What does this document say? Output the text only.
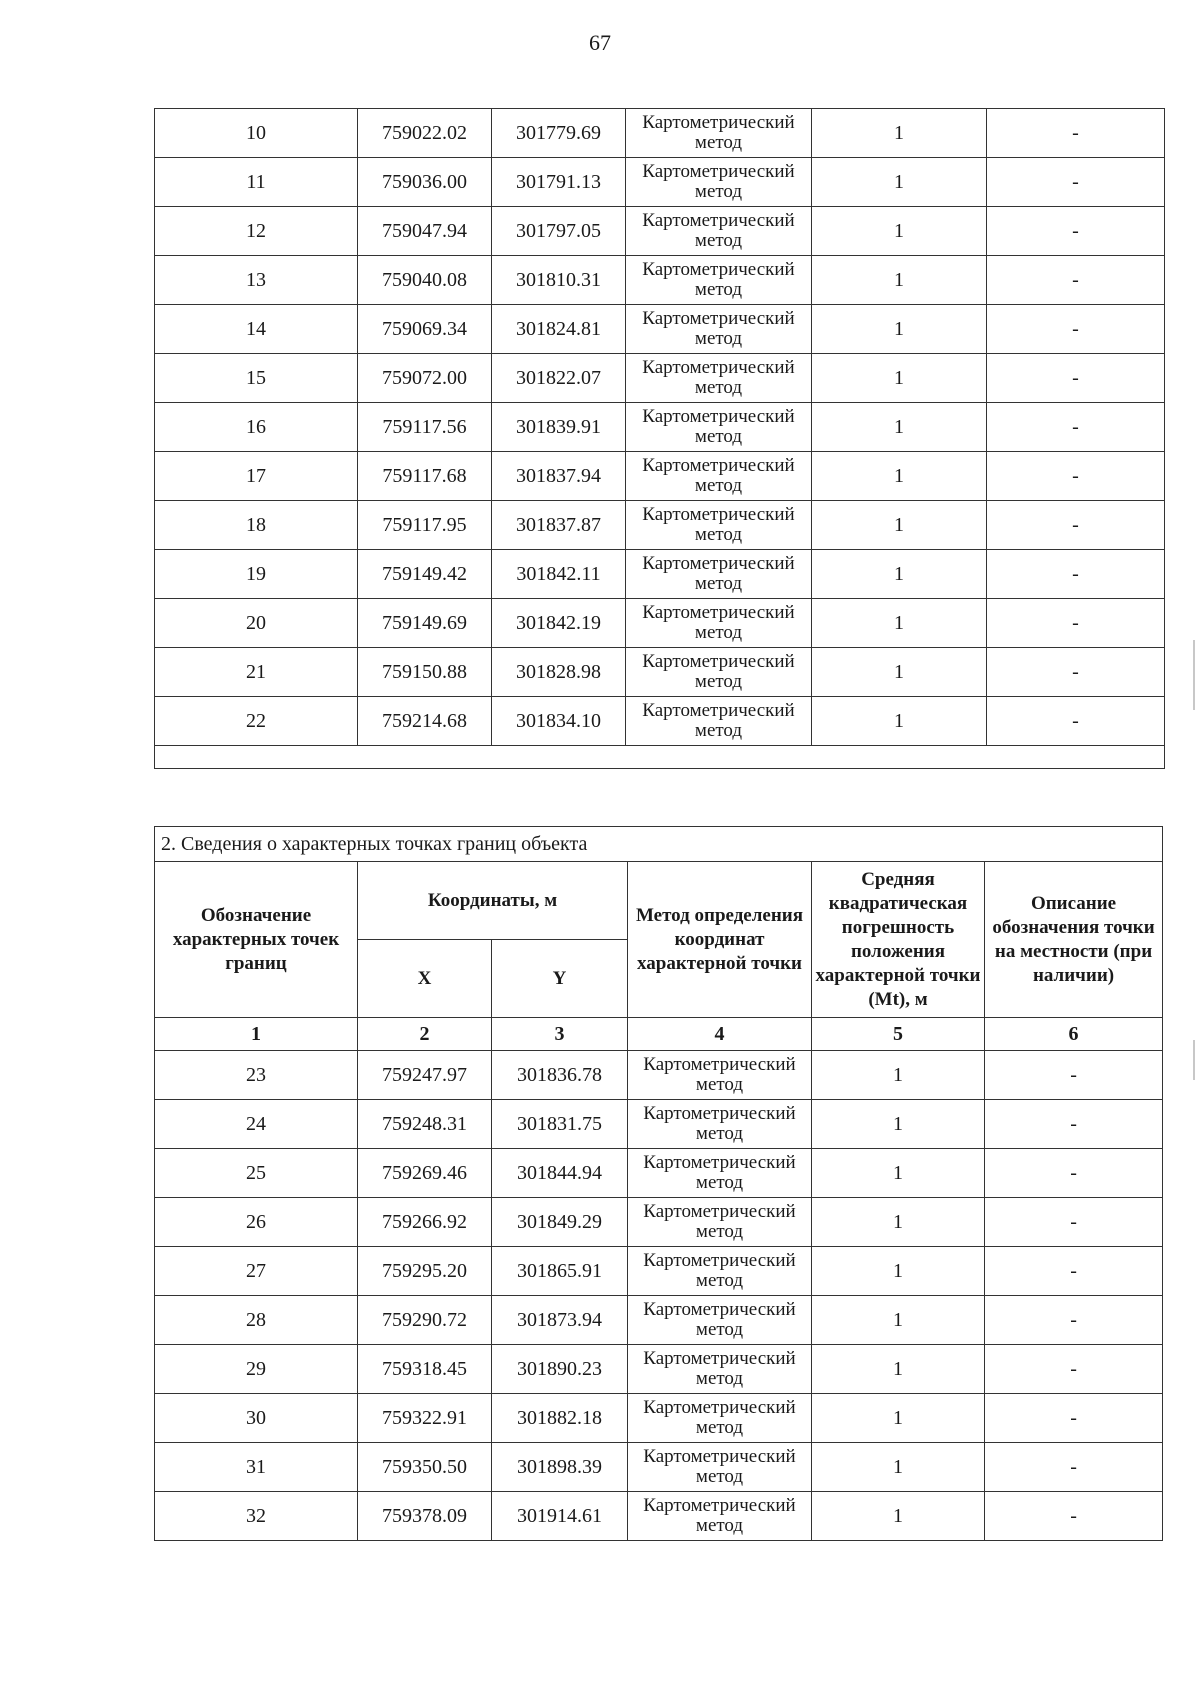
67
10	759022.02	301779.69	Картометрический метод	1	-
11	759036.00	301791.13	Картометрический метод	1	-
12	759047.94	301797.05	Картометрический метод	1	-
13	759040.08	301810.31	Картометрический метод	1	-
14	759069.34	301824.81	Картометрический метод	1	-
15	759072.00	301822.07	Картометрический метод	1	-
16	759117.56	301839.91	Картометрический метод	1	-
17	759117.68	301837.94	Картометрический метод	1	-
18	759117.95	301837.87	Картометрический метод	1	-
19	759149.42	301842.11	Картометрический метод	1	-
20	759149.69	301842.19	Картометрический метод	1	-
21	759150.88	301828.98	Картометрический метод	1	-
22	759214.68	301834.10	Картометрический метод	1	-

2. Сведения о характерных точках границ объекта					
Обозначение характерных точек границ	Координаты, м		Метод определения координат характерной точки	Средняя квадратическая погрешность положения характерной точки (Mt), м	Описание обозначения точки на местности (при наличии)
	X	Y			
1	2	3	4	5	6
23	759247.97	301836.78	Картометрический метод	1	-
24	759248.31	301831.75	Картометрический метод	1	-
25	759269.46	301844.94	Картометрический метод	1	-
26	759266.92	301849.29	Картометрический метод	1	-
27	759295.20	301865.91	Картометрический метод	1	-
28	759290.72	301873.94	Картометрический метод	1	-
29	759318.45	301890.23	Картометрический метод	1	-
30	759322.91	301882.18	Картометрический метод	1	-
31	759350.50	301898.39	Картометрический метод	1	-
32	759378.09	301914.61	Картометрический метод	1	-
